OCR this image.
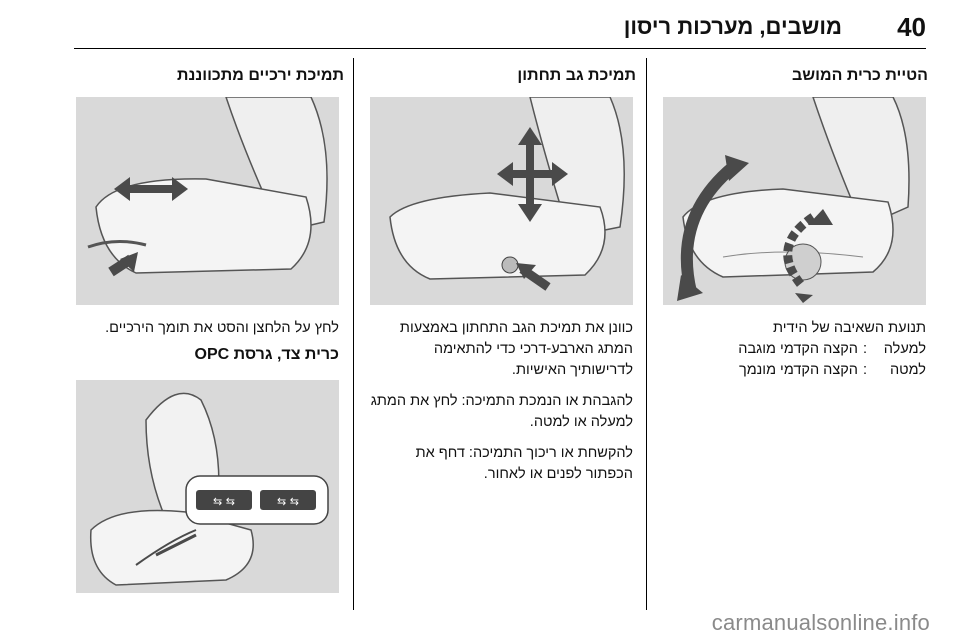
40
מושבים, מערכות ריסון
הטיית כרית המושב
תנועת השאיבה של הידית
למעלה
:
הקצה הקדמי מוגבה
למטה
:
הקצה הקדמי מונמך
תמיכת גב תחתון

כוונן את תמיכת הגב התחתון באמצעות המתג הארבע-דרכי כדי להתאימה לדרישותיך האישיות.

להגבהת או הנמכת התמיכה: לחץ את המתג למעלה או למטה.

להקשחת או ריכוך התמיכה: דחף את הכפתור לפנים או לאחור.

תמיכת ירכיים מתכווננת

לחץ על הלחצן והסט את תומך הירכיים.

כרית צד, גרסת OPC
⇆ ⇆	⇆ ⇆
carmanualsonline.info
